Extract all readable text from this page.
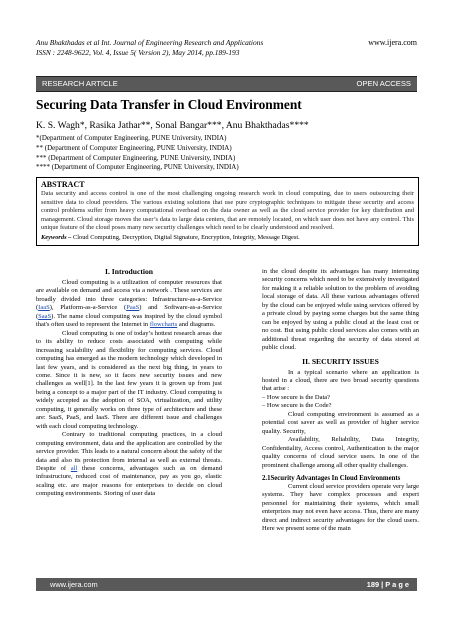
Anu Bhakthadas et al Int. Journal of Engineering Research and Applications
ISSN : 2248-9622, Vol. 4, Issue 5( Version 2), May 2014, pp.189-193
www.ijera.com
RESEARCH ARTICLE	OPEN ACCESS
Securing Data Transfer in Cloud Environment
K. S. Wagh*, Rasika Jathar**, Sonal Bangar***, Anu Bhakthadas****
*(Department of Computer Engineering, PUNE University, INDIA)
** (Department of Computer Engineering, PUNE University, INDIA)
*** (Department of Computer Engineering, PUNE University, INDIA)
**** (Department of Computer Engineering, PUNE University, INDIA)
ABSTRACT
Data security and access control is one of the most challenging ongoing research work in cloud computing, due to users outsourcing their sensitive data to cloud providers. The various existing solutions that use pure cryptographic techniques to mitigate these security and access control problems suffer from heavy computational overhead on the data owner as well as the cloud service provider for key distribution and management. Cloud storage moves the user’s data to large data centers, that are remotely located, on which user does not have any control. This unique feature of the cloud poses many new security challenges which need to be clearly understood and resolved.
Keywords – Cloud Computing, Decryption, Digital Signature, Encryption, Integrity, Message Digest.
I. Introduction

Cloud computing is a utilization of computer resources that are available on demand and access via a network . These services are broadly divided into three categories: Infrastructure-as-a-Service (IaaS), Platform-as-a-Service (PaaS) and Software-as-a-Service (SaaS). The name cloud computing was inspired by the cloud symbol that's often used to represent the Internet in flowcharts and diagrams.

Cloud computing is one of today’s hottest research areas due to its ability to reduce costs associated with computing while increasing scalability and flexibility for computing services. Cloud computing has emerged as the modern technology which developed in last few years, and is considered as the next big thing, in years to come. Since it is new, so it faces new security issues and new challenges as well[1]. In the last few years it is grown up from just being a concept to a major part of the IT industry. Cloud computing is widely accepted as the adoption of SOA, virtualization, and utility computing, it generally works on three type of architecture and these are: SaaS, PaaS, and IaaS. There are different issue and challenges with each cloud computing technology.

Contrary to traditional computing practices, in a cloud computing environment, data and the application are controlled by the service provider. This leads to a natural concern about the safety of the data and also its protection from internal as well as external threats. Despite of all these concerns, advantages such as on demand infrastructure, reduced cost of maintenance, pay as you go, elastic scaling etc. are major reasons for enterprises to decide on cloud computing environments. Storing of user data

in the cloud despite its advantages has many interesting security concerns which need to be extensively investigated for making it a reliable solution to the problem of avoiding local storage of data. All these various advantages offered by the cloud can be enjoyed while using services offered by a private cloud by paying some charges but the same thing can be enjoyed by using a public cloud at the least cost or no cost. But using public cloud services also comes with an additional threat regarding the security of data stored at public cloud.

II. SECURITY ISSUES

In a typical scenario where an application is hosted in a cloud, there are two broad security questions that arise :

– How secure is the Data?

– How secure is the Code?

Cloud computing environment is assumed as a potential cost saver as well as provider of higher service quality. Security,

Availability, Reliability, Data Integrity, Confidentiality, Access control, Authentication is the major quality concerns of cloud service users. In one of the prominent challenge among all other quality challenges.

2.1Security Advantages In Cloud Environments

Current cloud service providers operate very large systems. They have complex processes and expert personnel for maintaining their systems, which small enterprizes may not even have access. Thus, there are many direct and indirect security advantages for the cloud users. Here we present some of the main

www.ijera.com	189 | P a g e
